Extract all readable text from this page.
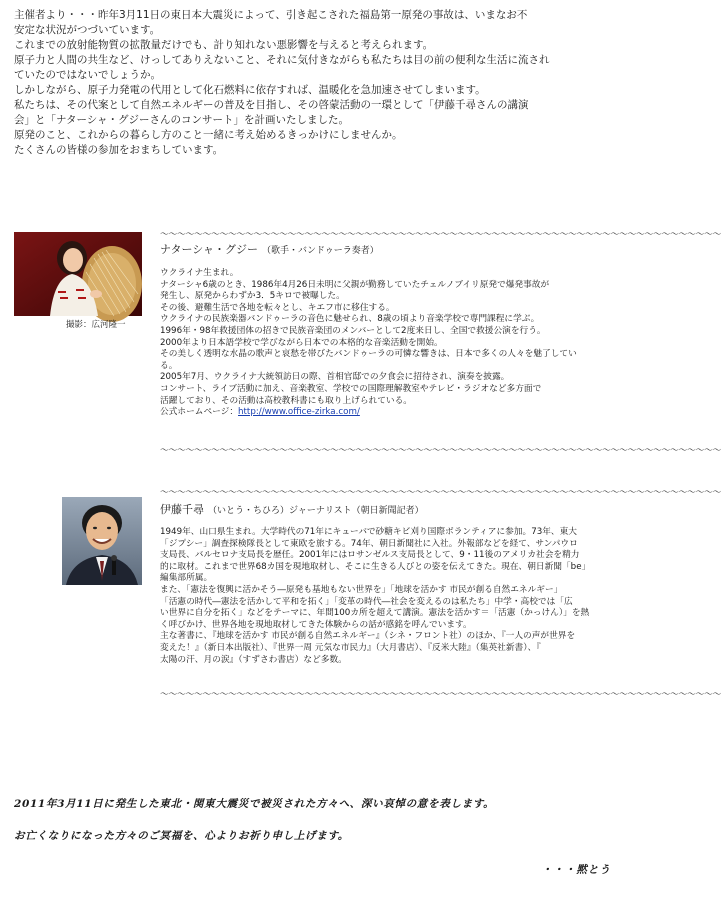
主催者より・・・昨年3月11日の東日本大震災によって、引き起こされた福島第一原発の事故は、いまなお不

安定な状況がつづいています。

これまでの放射能物質の拡散量だけでも、計り知れない悪影響を与えると考えられます。

原子力と人間の共生など、けっしてありえないこと、それに気付きながらも私たちは目の前の便利な生活に流され

ていたのではないでしょうか。

しかしながら、原子力発電の代用として化石燃料に依存すれば、温暖化を急加速させてしまいます。

私たちは、その代案として自然エネルギーの普及を目指し、その啓蒙活動の一環として「伊藤千尋さんの講演

会」と「ナターシャ・グジーさんのコンサート」を計画いたしました。

原発のこと、これからの暮らし方のこと一緒に考え始めるきっかけにしませんか。

たくさんの皆様の参加をおまちしています。

撮影：広河隆一
～～～～～～～～～～～～～～～～～～～～～～～～～～～～～～～～～～～～～～～～～～～～～～～～～～～～～～～～～～～～～～～～～～

ナターシャ・グジー （歌手・バンドゥーラ奏者）

ウクライナ生まれ。

ナターシャ6歳のとき、1986年4月26日未明に父親が勤務していたチェルノブイリ原発で爆発事故が

発生し、原発からわずか3．5キロで被曝した。

その後、避難生活で各地を転々とし、キエフ市に移住する。

ウクライナの民族楽器バンドゥーラの音色に魅せられ、8歳の頃より音楽学校で専門課程に学ぶ。

1996年・98年救援団体の招きで民族音楽団のメンバーとして2度来日し、全国で救援公演を行う。

2000年より日本語学校で学びながら日本での本格的な音楽活動を開始。

その美しく透明な水晶の歌声と哀愁を帯びたバンドゥーラの可憐な響きは、日本で多くの人々を魅了してい

る。

2005年7月、ウクライナ大統領訪日の際、首相官邸での夕食会に招待され、演奏を披露。

コンサート、ライブ活動に加え、音楽教室、学校での国際理解教室やテレビ・ラジオなど多方面で

活躍しており、その活動は高校教科書にも取り上げられている。

公式ホームページ：http://www.office-zirka.com/

～～～～～～～～～～～～～～～～～～～～～～～～～～～～～～～～～～～～～～～～～～～～～～～～～～～～～～～～～～～～～～～～～～
～～～～～～～～～～～～～～～～～～～～～～～～～～～～～～～～～～～～～～～～～～～～～～～～～～～～～～～～～～～～～～～～～～

伊藤千尋 （いとう・ちひろ）ジャーナリスト（朝日新聞記者）

1949年、山口県生まれ。大学時代の71年にキューバで砂糖キビ刈り国際ボランティアに参加。73年、東大

「ジプシー」調査探検隊長として東欧を旅する。74年、朝日新聞社に入社。外報部などを経て、サンパウロ

支局長、バルセロナ支局長を歴任。2001年にはロサンゼルス支局長として、9・11後のアメリカ社会を精力

的に取材。これまで世界68カ国を現地取材し、そこに生きる人びとの姿を伝えてきた。現在、朝日新聞「be」

編集部所属。

また、「憲法を復興に活かそう―原発も基地もない世界を」「地球を活かす 市民が創る自然エネルギー」

「活憲の時代―憲法を活かして平和を拓く」「変革の時代―社会を変えるのは私たち」中学・高校では「広

い世界に自分を拓く」などをテーマに、年間100カ所を超えて講演。憲法を活かす＝「活憲（かっけん）」を熱

く呼びかけ、世界各地を現地取材してきた体験からの話が感銘を呼んでいます。

主な著書に、『地球を活かす 市民が創る自然エネルギー』（シネ・フロント社）のほか、『一人の声が世界を

変えた！』（新日本出版社）、『世界一周 元気な市民力』（大月書店）、『反米大陸』（集英社新書）、『

太陽の汗、月の涙』（すずさわ書店）など多数。

～～～～～～～～～～～～～～～～～～～～～～～～～～～～～～～～～～～～～～～～～～～～～～～～～～～～～～～～～～～～～～～～～～

2011年3月11日に発生した東北・関東大震災で被災された方々へ、深い哀悼の意を表します。

お亡くなりになった方々のご冥福を、心よりお祈り申し上げます。

・・・黙とう
